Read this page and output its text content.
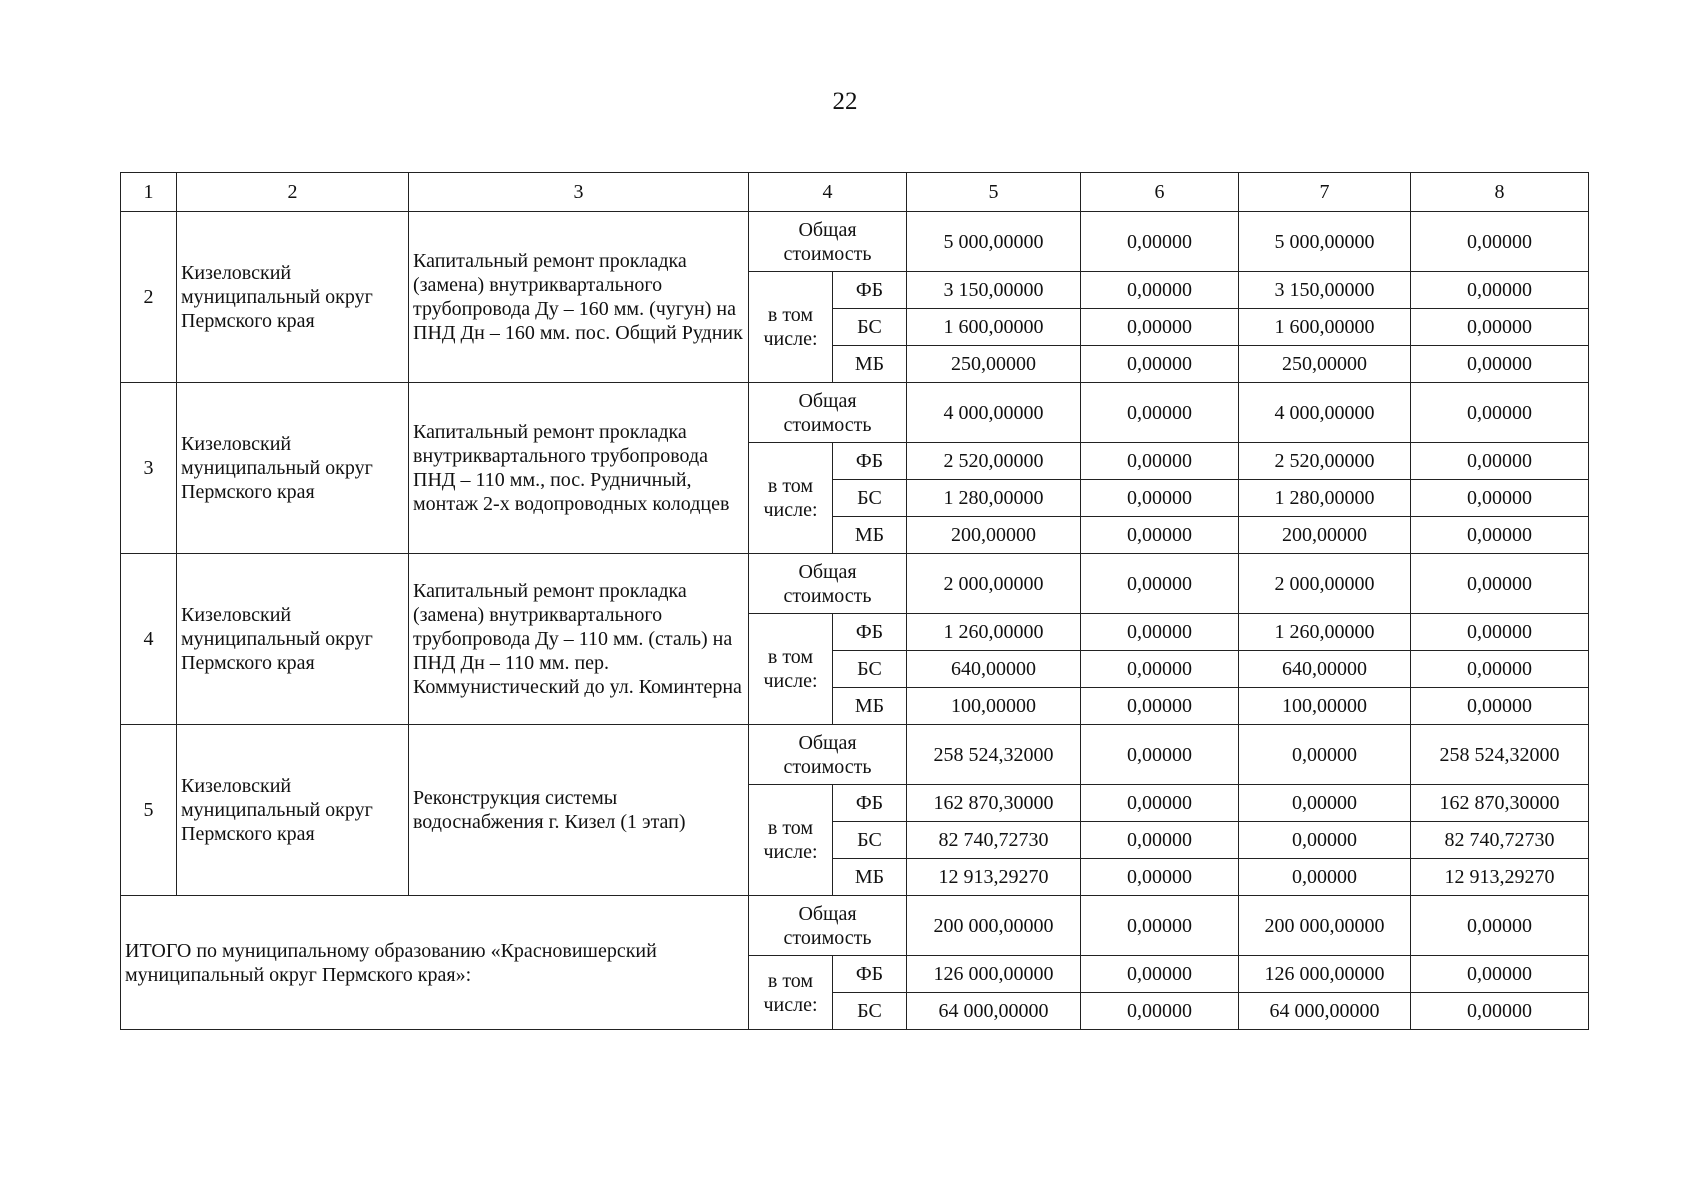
22
1	2	3	4		5	6	7	8
2	Кизеловский муниципальный округ Пермского края	Капитальный ремонт прокладка (замена) внутриквартального трубопровода Ду – 160 мм. (чугун) на ПНД Дн – 160 мм. пос. Общий Рудник	Общая стоимость		5 000,00000	0,00000	5 000,00000	0,00000
			в том числе:	ФБ	3 150,00000	0,00000	3 150,00000	0,00000
				БС	1 600,00000	0,00000	1 600,00000	0,00000
				МБ	250,00000	0,00000	250,00000	0,00000
3	Кизеловский муниципальный округ Пермского края	Капитальный ремонт прокладка внутриквартального трубопровода ПНД – 110 мм., пос. Рудничный, монтаж 2-х водопроводных колодцев	Общая стоимость		4 000,00000	0,00000	4 000,00000	0,00000
			в том числе:	ФБ	2 520,00000	0,00000	2 520,00000	0,00000
				БС	1 280,00000	0,00000	1 280,00000	0,00000
				МБ	200,00000	0,00000	200,00000	0,00000
4	Кизеловский муниципальный округ Пермского края	Капитальный ремонт прокладка (замена) внутриквартального трубопровода Ду – 110 мм. (сталь) на ПНД Дн – 110 мм. пер. Коммунистический до ул. Коминтерна	Общая стоимость		2 000,00000	0,00000	2 000,00000	0,00000
			в том числе:	ФБ	1 260,00000	0,00000	1 260,00000	0,00000
				БС	640,00000	0,00000	640,00000	0,00000
				МБ	100,00000	0,00000	100,00000	0,00000
5	Кизеловский муниципальный округ Пермского края	Реконструкция системы водоснабжения г. Кизел (1 этап)	Общая стоимость		258 524,32000	0,00000	0,00000	258 524,32000
			в том числе:	ФБ	162 870,30000	0,00000	0,00000	162 870,30000
				БС	82 740,72730	0,00000	0,00000	82 740,72730
				МБ	12 913,29270	0,00000	0,00000	12 913,29270
ИТОГО по муниципальному образованию «Красновишерский муниципальный округ Пермского края»:			Общая стоимость		200 000,00000	0,00000	200 000,00000	0,00000
			в том числе:	ФБ	126 000,00000	0,00000	126 000,00000	0,00000
				БС	64 000,00000	0,00000	64 000,00000	0,00000
